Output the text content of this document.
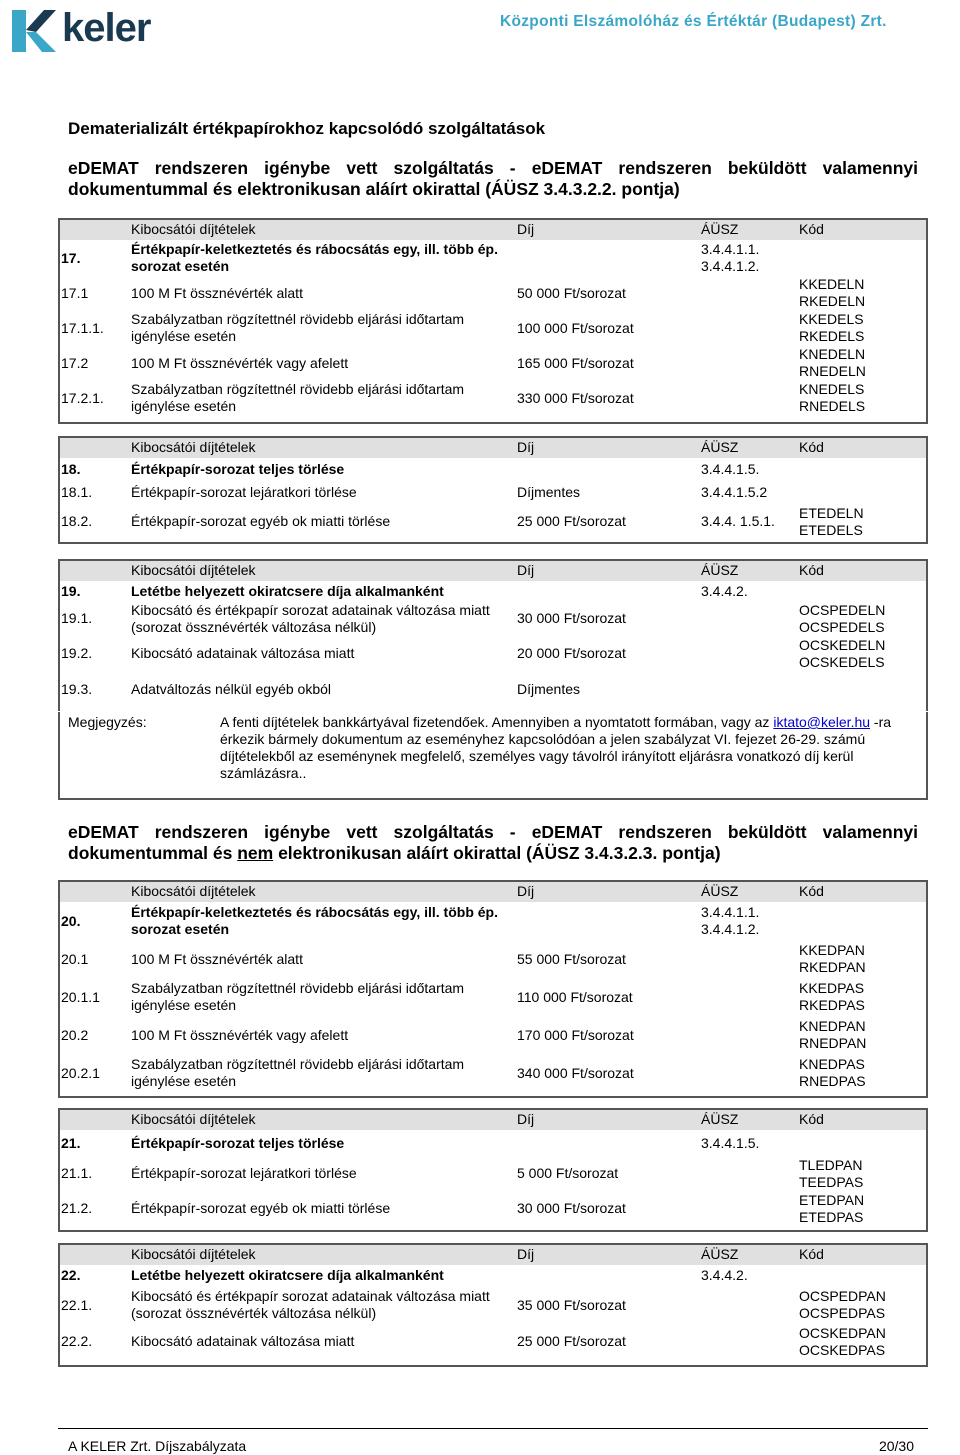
keler	Központi Elszámolóház és Értéktár (Budapest) Zrt.
Dematerializált értékpapírokhoz kapcsolódó szolgáltatások
eDEMAT rendszeren igénybe vett szolgáltatás - eDEMAT rendszeren beküldött valamennyi dokumentummal és elektronikusan aláírt okirattal (ÁÜSZ 3.4.3.2.2. pontja)
	Kibocsátói díjtételek	Díj	ÁÜSZ	Kód
17.	Értékpapír-keletkeztetés és rábocsátás egy, ill. több ép. sorozat esetén		3.4.4.1.1. 3.4.4.1.2.	
17.1	100 M Ft össznévérték alatt	50 000 Ft/sorozat		KKEDELN RKEDELN
17.1.1.	Szabályzatban rögzítettnél rövidebb eljárási időtartam igénylése esetén	100 000 Ft/sorozat		KKEDELS RKEDELS
17.2	100 M Ft össznévérték vagy afelett	165 000 Ft/sorozat		KNEDELN RNEDELN
17.2.1.	Szabályzatban rögzítettnél rövidebb eljárási időtartam igénylése esetén	330 000 Ft/sorozat		KNEDELS RNEDELS
	Kibocsátói díjtételek	Díj	ÁÜSZ	Kód
18.	Értékpapír-sorozat teljes törlése		3.4.4.1.5.	
18.1.	Értékpapír-sorozat lejáratkori törlése	Díjmentes	3.4.4.1.5.2	
18.2.	Értékpapír-sorozat egyéb ok miatti törlése	25 000 Ft/sorozat	3.4.4. 1.5.1.	ETEDELN ETEDELS
	Kibocsátói díjtételek	Díj	ÁÜSZ	Kód
19.	Letétbe helyezett okiratcsere díja alkalmanként		3.4.4.2.	
19.1.	Kibocsátó és értékpapír sorozat adatainak változása miatt (sorozat össznévérték változása nélkül)	30 000 Ft/sorozat		OCSPEDELN OCSPEDELS
19.2.	Kibocsátó adatainak változása miatt	20 000 Ft/sorozat		OCSKEDELN OCSKEDELS
19.3.	Adatváltozás nélkül egyéb okból	Díjmentes		
Megjegyzés:	A fenti díjtételek bankkártyával fizetendőek. Amennyiben a nyomtatott formában, vagy az iktato@keler.hu -ra érkezik bármely dokumentum az eseményhez kapcsolódóan a jelen szabályzat VI. fejezet 26-29. számú díjtételekből az eseménynek megfelelő, személyes vagy távolról irányított eljárásra vonatkozó díj kerül számlázásra..
eDEMAT rendszeren igénybe vett szolgáltatás - eDEMAT rendszeren beküldött valamennyi dokumentummal és nem elektronikusan aláírt okirattal (ÁÜSZ 3.4.3.2.3. pontja)
	Kibocsátói díjtételek	Díj	ÁÜSZ	Kód
20.	Értékpapír-keletkeztetés és rábocsátás egy, ill. több ép. sorozat esetén		3.4.4.1.1. 3.4.4.1.2.	
20.1	100 M Ft össznévérték alatt	55 000 Ft/sorozat		KKEDPAN RKEDPAN
20.1.1	Szabályzatban rögzítettnél rövidebb eljárási időtartam igénylése esetén	110 000 Ft/sorozat		KKEDPAS RKEDPAS
20.2	100 M Ft össznévérték vagy afelett	170 000 Ft/sorozat		KNEDPAN RNEDPAN
20.2.1	Szabályzatban rögzítettnél rövidebb eljárási időtartam igénylése esetén	340 000 Ft/sorozat		KNEDPAS RNEDPAS
	Kibocsátói díjtételek	Díj	ÁÜSZ	Kód
21.	Értékpapír-sorozat teljes törlése		3.4.4.1.5.	
21.1.	Értékpapír-sorozat lejáratkori törlése	5 000 Ft/sorozat		TLEDPAN TEEDPAS
21.2.	Értékpapír-sorozat egyéb ok miatti törlése	30 000 Ft/sorozat		ETEDPAN ETEDPAS
	Kibocsátói díjtételek	Díj	ÁÜSZ	Kód
22.	Letétbe helyezett okiratcsere díja alkalmanként		3.4.4.2.	
22.1.	Kibocsátó és értékpapír sorozat adatainak változása miatt (sorozat össznévérték változása nélkül)	35 000 Ft/sorozat		OCSPEDPAN OCSPEDPAS
22.2.	Kibocsátó adatainak változása miatt	25 000 Ft/sorozat		OCSKEDPAN OCSKEDPAS
A KELER Zrt. Díjszabályzata	20/30
